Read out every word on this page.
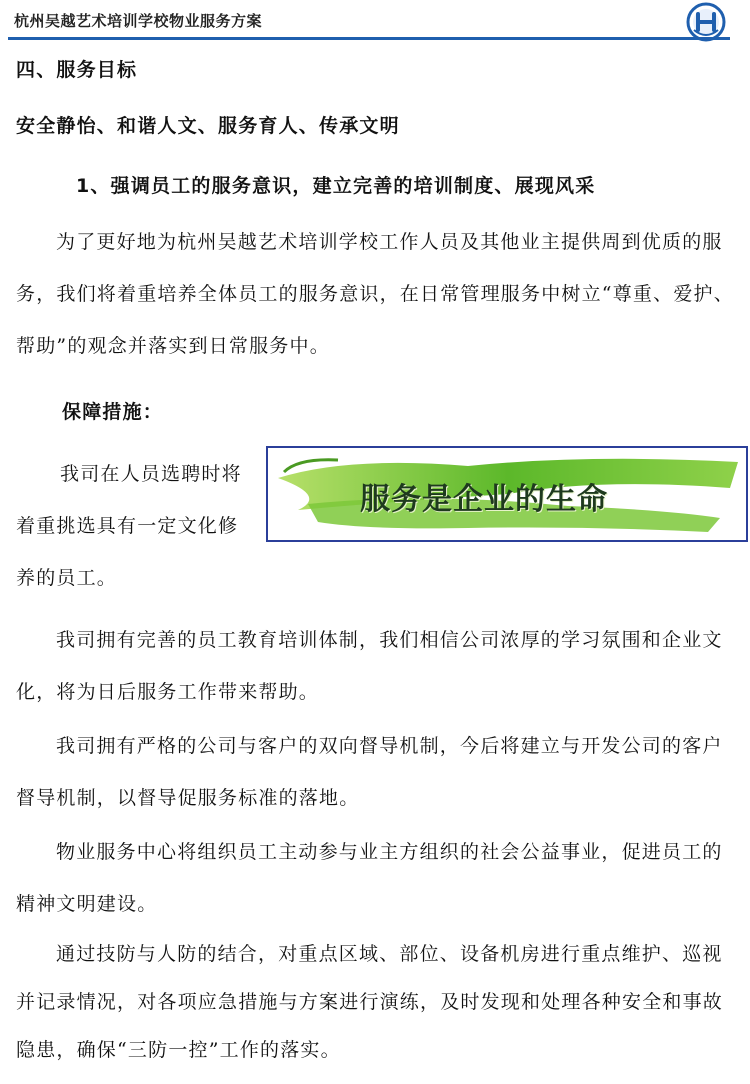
杭州吴越艺术培训学校物业服务方案
四、服务目标
安全静怡、和谐人文、服务育人、传承文明
1、强调员工的服务意识，建立完善的培训制度、展现风采
为了更好地为杭州吴越艺术培训学校工作人员及其他业主提供周到优质的服务，我们将着重培养全体员工的服务意识，在日常管理服务中树立“尊重、爱护、帮助”的观念并落实到日常服务中。
保障措施：
我司在人员选聘时将
着重挑选具有一定文化修
养的员工。
服务是企业的生命
我司拥有完善的员工教育培训体制，我们相信公司浓厚的学习氛围和企业文化，将为日后服务工作带来帮助。
我司拥有严格的公司与客户的双向督导机制，今后将建立与开发公司的客户督导机制，以督导促服务标准的落地。
物业服务中心将组织员工主动参与业主方组织的社会公益事业，促进员工的精神文明建设。
通过技防与人防的结合，对重点区域、部位、设备机房进行重点维护、巡视并记录情况，对各项应急措施与方案进行演练，及时发现和处理各种安全和事故隐患，确保“三防一控”工作的落实。
